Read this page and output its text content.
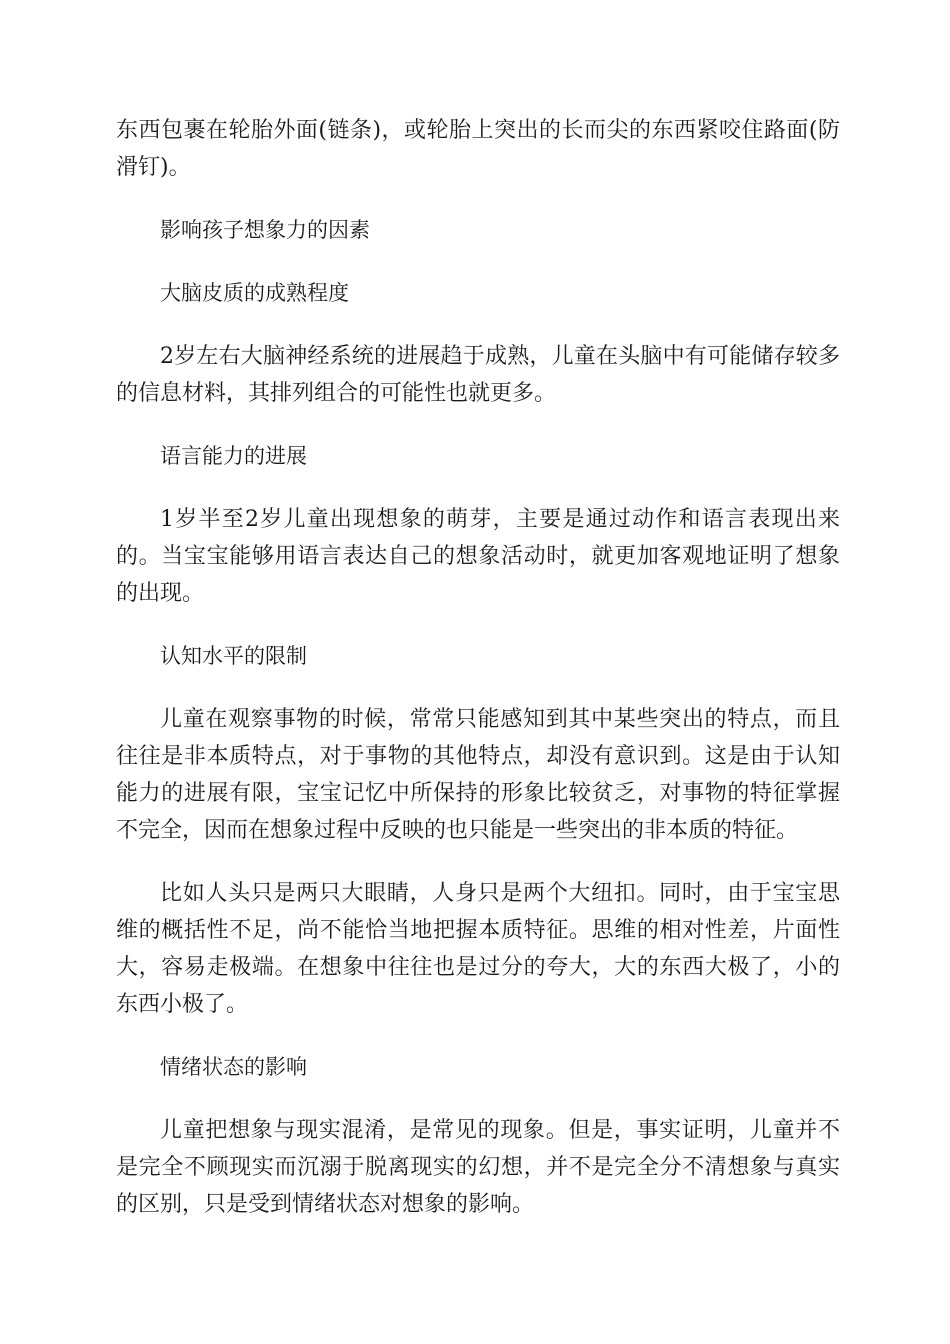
东西包裹在轮胎外面(链条)，或轮胎上突出的长而尖的东西紧咬住路面(防滑钉)。

影响孩子想象力的因素

大脑皮质的成熟程度

2岁左右大脑神经系统的进展趋于成熟，儿童在头脑中有可能储存较多的信息材料，其排列组合的可能性也就更多。

语言能力的进展

1岁半至2岁儿童出现想象的萌芽，主要是通过动作和语言表现出来的。当宝宝能够用语言表达自己的想象活动时，就更加客观地证明了想象的出现。

认知水平的限制

儿童在观察事物的时候，常常只能感知到其中某些突出的特点，而且往往是非本质特点，对于事物的其他特点，却没有意识到。这是由于认知能力的进展有限，宝宝记忆中所保持的形象比较贫乏，对事物的特征掌握不完全，因而在想象过程中反映的也只能是一些突出的非本质的特征。

比如人头只是两只大眼睛，人身只是两个大纽扣。同时，由于宝宝思维的概括性不足，尚不能恰当地把握本质特征。思维的相对性差，片面性大，容易走极端。在想象中往往也是过分的夸大，大的东西大极了，小的东西小极了。

情绪状态的影响

儿童把想象与现实混淆，是常见的现象。但是，事实证明，儿童并不是完全不顾现实而沉溺于脱离现实的幻想，并不是完全分不清想象与真实的区别，只是受到情绪状态对想象的影响。
